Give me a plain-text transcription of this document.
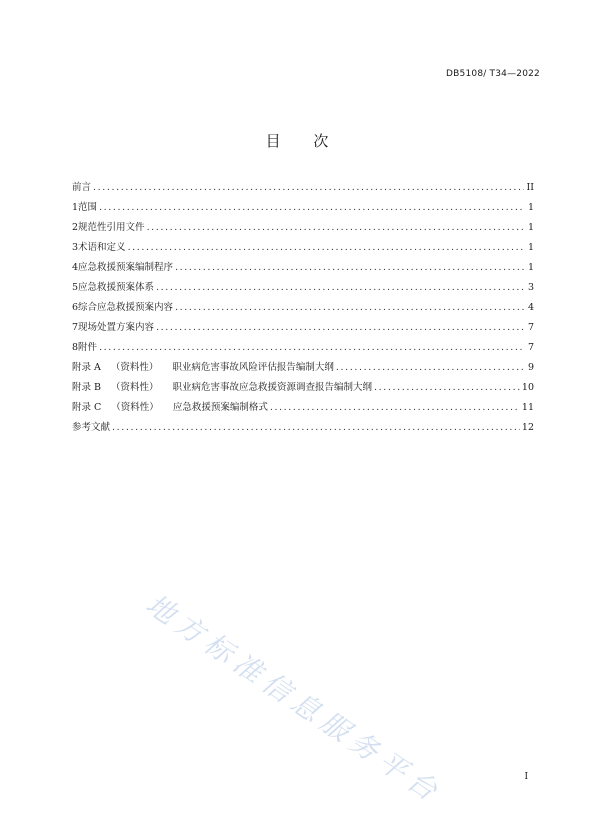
DB5108/ T34—2022
目 次
前言 .....	II
1 范围 .....	1
2 规范性引用文件 .....	1
3 术语和定义 .....	1
4 应急救援预案编制程序 .....	1
5 应急救援预案体系 .....	3
6 综合应急救援预案内容 .....	4
7 现场处置方案内容 .....	7
8 附件 .....	7
附录 A	（资料性）	职业病危害事故风险评估报告编制大纲 .....	9
附录 B	（资料性）	职业病危害事故应急救援资源调查报告编制大纲 .....	10
附录 C	（资料性）	应急救援预案编制格式 .....	11
参考文献 .....	12
地方标准信息服务平台	I
